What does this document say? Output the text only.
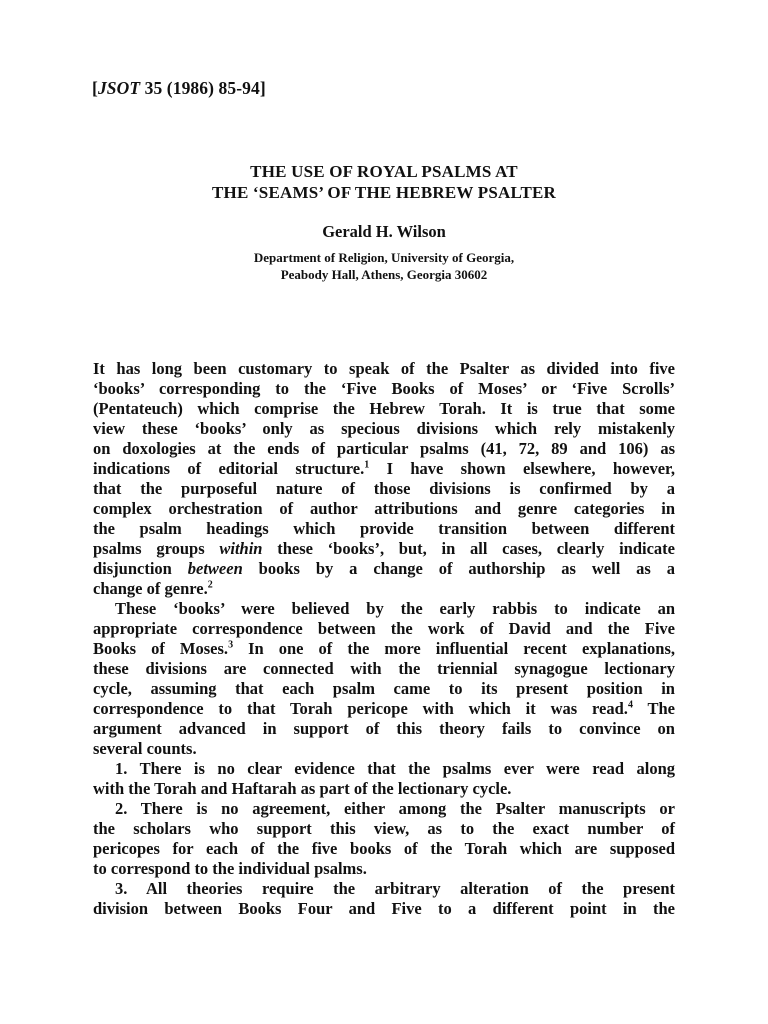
[JSOT 35 (1986) 85-94]
THE USE OF ROYAL PSALMS AT
THE ‘SEAMS’ OF THE HEBREW PSALTER
Gerald H. Wilson
Department of Religion, University of Georgia,
Peabody Hall, Athens, Georgia 30602
It has long been customary to speak of the Psalter as divided into five
‘books’ corresponding to the ‘Five Books of Moses’ or ‘Five Scrolls’
(Pentateuch) which comprise the Hebrew Torah. It is true that some
view these ‘books’ only as specious divisions which rely mistakenly
on doxologies at the ends of particular psalms (41, 72, 89 and 106) as
indications of editorial structure.$^1$ I have shown elsewhere, however,
that the purposeful nature of those divisions is confirmed by a
complex orchestration of author attributions and genre categories in
the psalm headings which provide transition between different
psalms groups within these ‘books’, but, in all cases, clearly indicate
disjunction between books by a change of authorship as well as a
change of genre.$^2$
These ‘books’ were believed by the early rabbis to indicate an
appropriate correspondence between the work of David and the Five
Books of Moses.$^3$ In one of the more influential recent explanations,
these divisions are connected with the triennial synagogue lectionary
cycle, assuming that each psalm came to its present position in
correspondence to that Torah pericope with which it was read.$^4$ The
argument advanced in support of this theory fails to convince on
several counts.
1. There is no clear evidence that the psalms ever were read along
with the Torah and Haftarah as part of the lectionary cycle.
2. There is no agreement, either among the Psalter manuscripts or
the scholars who support this view, as to the exact number of
pericopes for each of the five books of the Torah which are supposed
to correspond to the individual psalms.
3. All theories require the arbitrary alteration of the present
division between Books Four and Five to a different point in the
